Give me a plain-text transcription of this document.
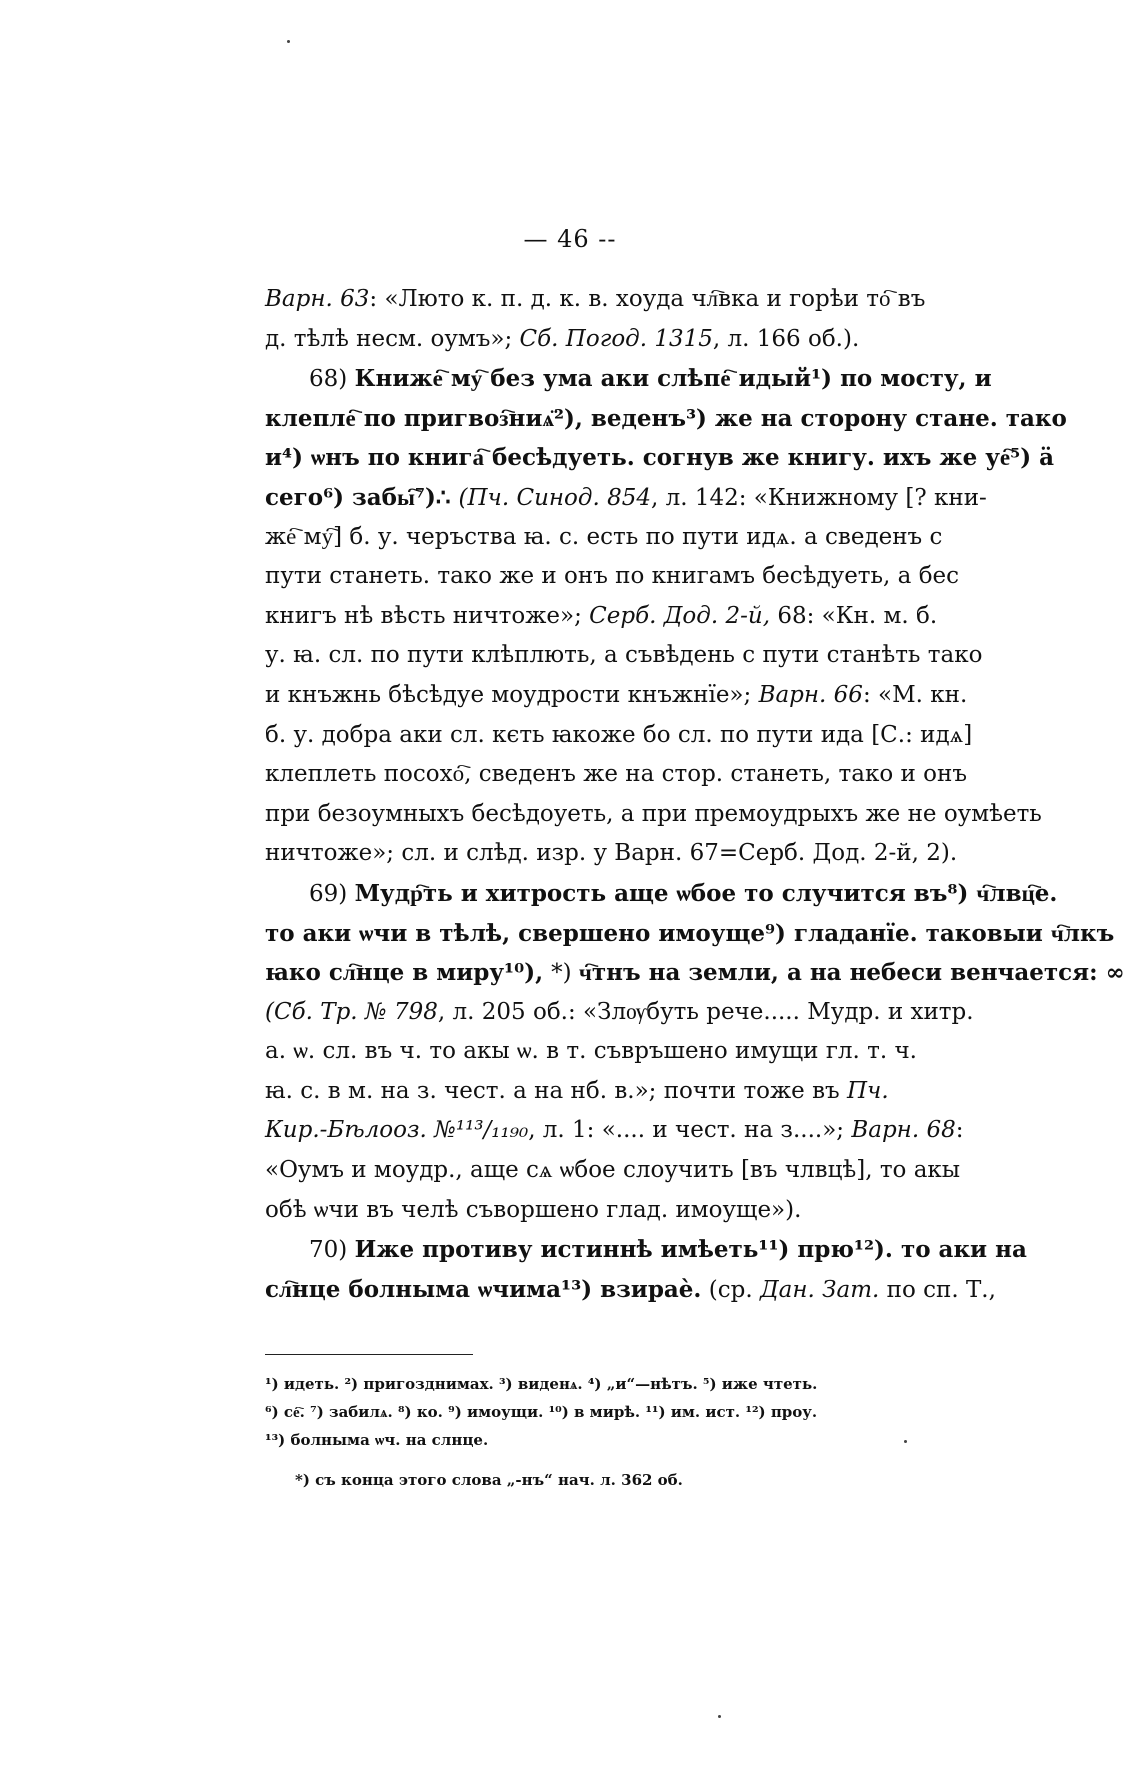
— 46 --
Варн. 63: «Люто к. п. д. к. в. хоуда чл҇вка и горѣи то҇ въ
д. тѣлѣ несм. оумъ»; Сб. Погод. 1315, л. 166 об.).
68) Книже҇ му҇ без ума аки слѣпе҇ идый¹) по мосту, и
клепле҇ по пригвоз҇ниѧ̈²), веденъ³) же на сторону стане. тако
и⁴) ѡнъ по книга҇ бесѣдуеть. согнув же книгу. ихъ же уе҇⁵) ӓ
сего⁶) забы҇⁷)∴ (Пч. Синод. 854, л. 142: «Книжному [? кни-
же҇ му҇] б. у. черъства ꙗ. с. есть по пути идѧ. а сведенъ с
пути станеть. тако же и онъ по книгамъ бесѣдуеть, а бес
книгъ нѣ вѣсть ничтоже»; Серб. Дод. 2-й, 68: «Кн. м. б.
у. ꙗ. сл. по пути клѣплють, а съвѣдень с пути станѣть тако
и кнъжнь бѣсѣдуе моудрости кнъжнїе»; Варн. 66: «М. кн.
б. у. добра аки сл. кєть ꙗкоже бо сл. по пути ида [С.: идѧ]
клеплеть посохо҇, сведенъ же на стор. станеть, тако и онъ
при безоумныхъ бесѣдоуеть, а при премоудрыхъ же не оумѣеть
ничтоже»; сл. и слѣд. изр. у Варн. 67=Серб. Дод. 2-й, 2).
69) Мудр҇ть и хитрость аще ѡбое то случится въ⁸) ч҇лвц҇е.
то аки ѡчи в тѣлѣ, свершено имоуще⁹) гладанїе. таковыи ч҇лкъ
ꙗко сл҇нце в миру¹⁰), *) ч҇тнъ на земли, а на небеси венчается: ∞
(Сб. Тр. № 798, л. 205 об.: «Злѹбуть рече..... Мудр. и хитр.
а. ѡ. сл. въ ч. то акы ѡ. в т. съвръшено имущи гл. т. ч.
ꙗ. с. в м. на з. чест. а на нб. в.»; почти тоже въ Пч.
Кир.-Бѣлоoз. №¹¹³/₁₁₉₀, л. 1: «.... и чест. на з....»; Варн. 68:
«Оумъ и моудр., аще сѧ ѡбое слоучить [въ члвцѣ], то акы
обѣ ѡчи въ челѣ съворшено глад. имоуще»).
70) Иже противу истиннѣ имѣеть¹¹) прю¹²). то аки на
сл҇нце болныма ѡчима¹³) взираѐ. (ср. Дан. Зат. по сп. Т.,
¹) идеть. ²) пригозднимах. ³) виденѧ. ⁴) „и“—нѣтъ. ⁵) иже чтеть.
⁶) се҇. ⁷) забилѧ. ⁸) ко. ⁹) имоущи. ¹⁰) в мирѣ. ¹¹) им. ист. ¹²) проу.
¹³) болныма ѡч. на слнце.
*) съ конца этого слова „-нъ“ нач. л. 362 об.
